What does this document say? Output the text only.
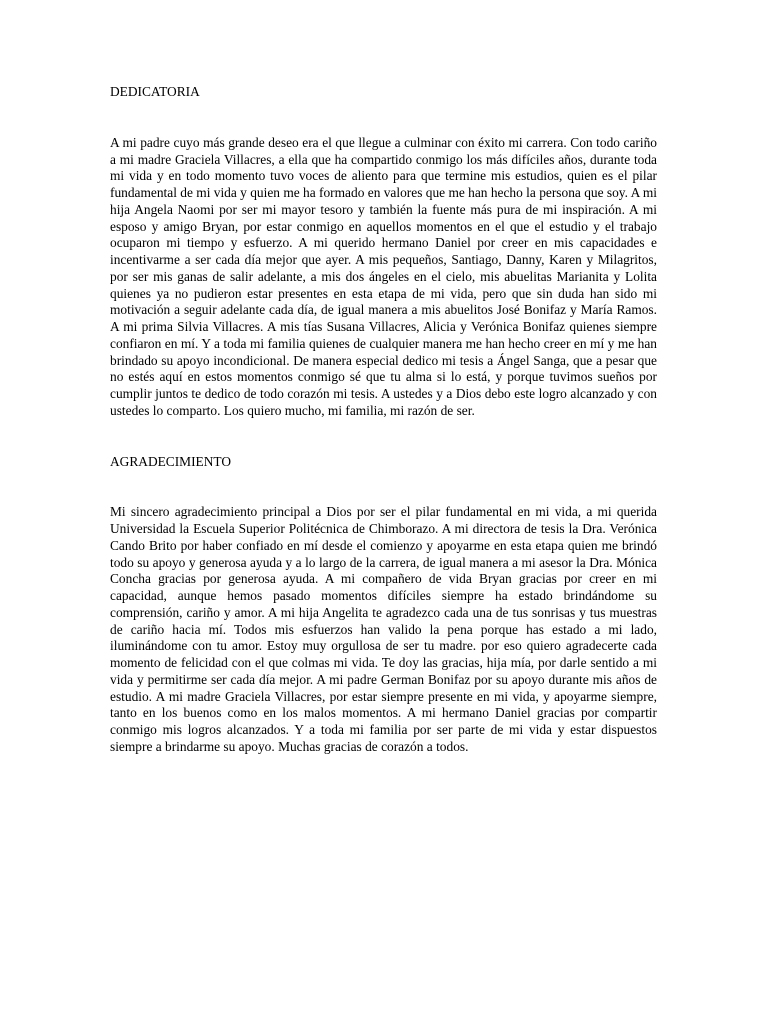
DEDICATORIA

A mi padre cuyo más grande deseo era el que llegue a culminar con éxito mi carrera. Con todo cariño a mi madre Graciela Villacres, a ella que ha compartido conmigo los más difíciles años, durante toda mi vida y en todo momento tuvo voces de aliento para que termine mis estudios, quien es el pilar fundamental de mi vida y quien me ha formado en valores que me han hecho la persona que soy. A mi hija Angela Naomi por ser mi mayor tesoro y también la fuente más pura de mi inspiración. A mi esposo y amigo Bryan, por estar conmigo en aquellos momentos en el que el estudio y el trabajo ocuparon mi tiempo y esfuerzo. A mi querido hermano Daniel por creer en mis capacidades e incentivarme a ser cada día mejor que ayer. A mis pequeños, Santiago, Danny, Karen y Milagritos, por ser mis ganas de salir adelante, a mis dos ángeles en el cielo, mis abuelitas Marianita y Lolita quienes ya no pudieron estar presentes en esta etapa de mi vida, pero que sin duda han sido mi motivación a seguir adelante cada día, de igual manera a mis abuelitos José Bonifaz y María Ramos. A mi prima Silvia Villacres. A mis tías Susana Villacres, Alicia y Verónica Bonifaz quienes siempre confiaron en mí. Y a toda mi familia quienes de cualquier manera me han hecho creer en mí y me han brindado su apoyo incondicional. De manera especial dedico mi tesis a Ángel Sanga, que a pesar que no estés aquí en estos momentos conmigo sé que tu alma si lo está, y porque tuvimos sueños por cumplir juntos te dedico de todo corazón mi tesis. A ustedes y a Dios debo este logro alcanzado y con ustedes lo comparto. Los quiero mucho, mi familia, mi razón de ser.

AGRADECIMIENTO

Mi sincero agradecimiento principal a Dios por ser el pilar fundamental en mi vida, a mi querida Universidad la Escuela Superior Politécnica de Chimborazo. A mi directora de tesis la Dra. Verónica Cando Brito por haber confiado en mí desde el comienzo y apoyarme en esta etapa quien me brindó todo su apoyo y generosa ayuda y a lo largo de la carrera, de igual manera a mi asesor la Dra. Mónica Concha gracias por generosa ayuda. A mi compañero de vida Bryan gracias por creer en mi capacidad, aunque hemos pasado momentos difíciles siempre ha estado brindándome su comprensión, cariño y amor. A mi hija Angelita te agradezco cada una de tus sonrisas y tus muestras de cariño hacia mí. Todos mis esfuerzos han valido la pena porque has estado a mi lado, iluminándome con tu amor. Estoy muy orgullosa de ser tu madre. por eso quiero agradecerte cada momento de felicidad con el que colmas mi vida. Te doy las gracias, hija mía, por darle sentido a mi vida y permitirme ser cada día mejor. A mi padre German Bonifaz por su apoyo durante mis años de estudio. A mi madre Graciela Villacres, por estar siempre presente en mi vida, y apoyarme siempre, tanto en los buenos como en los malos momentos. A mi hermano Daniel gracias por compartir conmigo mis logros alcanzados. Y a toda mi familia por ser parte de mi vida y estar dispuestos siempre a brindarme su apoyo. Muchas gracias de corazón a todos.
